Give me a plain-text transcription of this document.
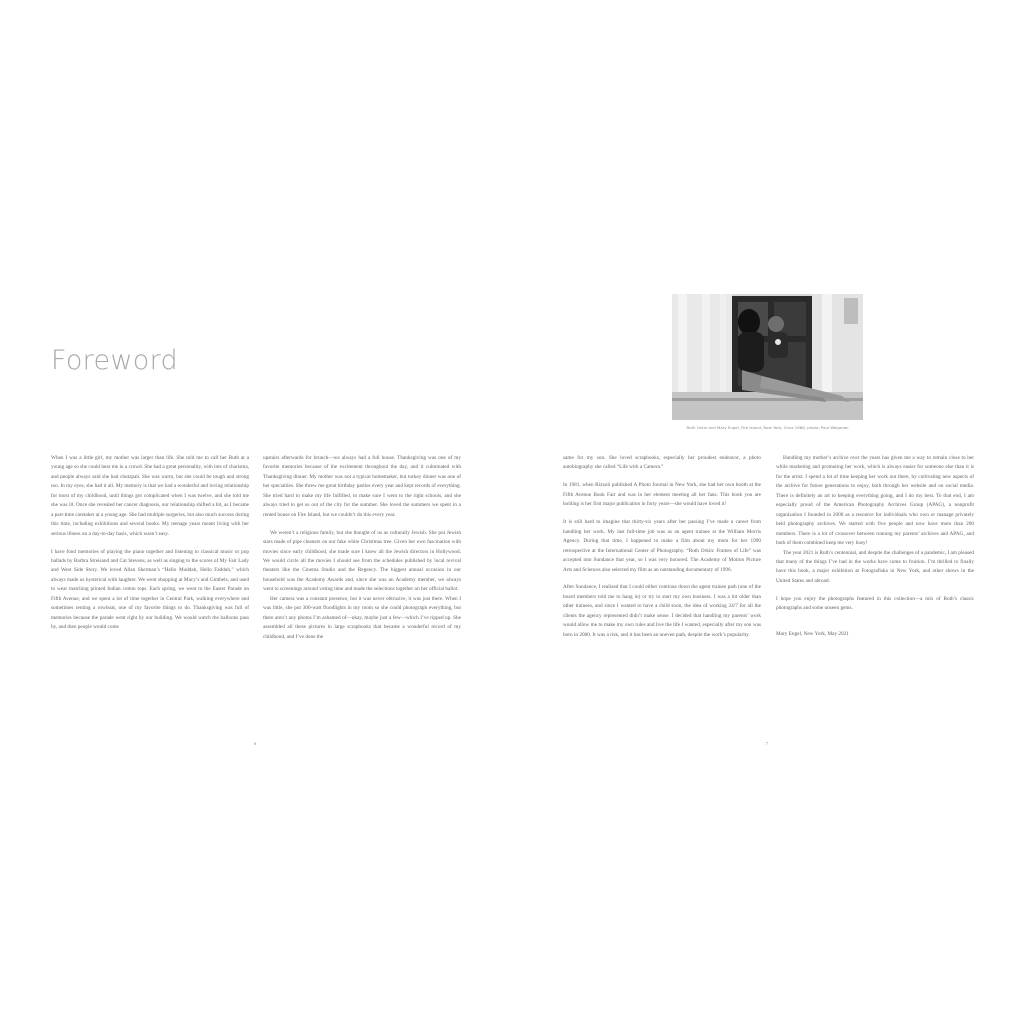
Foreword
Ruth Orkin and Mary Engel, Fire Island, New York, Circa 1968, photo: Paul Weigman

When I was a little girl, my mother was larger than life. She told me to call her Ruth at a young age so she could hear me in a crowd. She had a great personality, with lots of charisma, and people always said she had chutzpah. She was warm, but she could be tough and strong too. In my eyes, she had it all. My memory is that we had a wonderful and loving relationship for most of my childhood, until things got complicated when I was twelve, and she told me she was ill. Once she revealed her cancer diagnosis, our relationship shifted a bit, as I became a part-time caretaker at a young age. She had multiple surgeries, but also much success during this time, including exhibitions and several books. My teenage years meant living with her serious illness on a day-to-day basis, which wasn’t easy.

I have fond memories of playing the piano together and listening to classical music or pop ballads by Barbra Streisand and Cat Stevens, as well as singing to the scores of My Fair Lady and West Side Story. We loved Allan Sherman’s “Hello Muddah, Hello Fadduh,” which always made us hysterical with laughter. We went shopping at Macy’s and Gimbels, and used to wear matching printed Indian cotton tops. Each spring, we went to the Easter Parade on Fifth Avenue, and we spent a lot of time together in Central Park, walking everywhere and sometimes renting a rowboat, one of my favorite things to do. Thanksgiving was full of memories because the parade went right by our building. We would watch the balloons pass by, and then people would come

upstairs afterwards for brunch—we always had a full house. Thanksgiving was one of my favorite memories because of the excitement throughout the day, and it culminated with Thanksgiving dinner. My mother was not a typical homemaker, but turkey dinner was one of her specialties. She threw me great birthday parties every year and kept records of everything. She tried hard to make my life fulfilled, to make sure I went to the right schools, and she always tried to get us out of the city for the summer. She loved the summers we spent in a rented house on Fire Island, but we couldn’t do this every year.

We weren’t a religious family, but she thought of us as culturally Jewish. She put Jewish stars made of pipe cleaners on our fake white Christmas tree. Given her own fascination with movies since early childhood, she made sure I knew all the Jewish directors in Hollywood. We would circle all the movies I should see from the schedules published by local revival theaters like the Cinema Studio and the Regency. The biggest annual occasion in our household was the Academy Awards and, since she was an Academy member, we always went to screenings around voting time and made the selections together on her official ballot.

Her camera was a constant presence, but it was never obtrusive, it was just there. When I was little, she put 300-watt floodlights in my room so she could photograph everything, but there aren’t any photos I’m ashamed of—okay, maybe just a few—which I’ve ripped up. She assembled all these pictures in large scrapbooks that became a wonderful record of my childhood, and I’ve done the

same for my son. She loved scrapbooks, especially her proudest endeavor, a photo autobiography she called “Life with a Camera.”

In 1981, when Rizzoli published A Photo Journal in New York, she had her own booth at the Fifth Avenue Book Fair and was in her element meeting all her fans. This book you are holding is her first major publication in forty years—she would have loved it!

It is still hard to imagine that thirty-six years after her passing I’ve made a career from handling her work. My last full-time job was as an agent trainee at the William Morris Agency. During that time, I happened to make a film about my mom for her 1990 retrospective at the International Center of Photography. “Ruth Orkin: Frames of Life” was accepted into Sundance that year, so I was very honored. The Academy of Motion Picture Arts and Sciences also selected my film as an outstanding documentary of 1996.

After Sundance, I realized that I could either continue down the agent trainee path (one of the board members told me to hang in) or try to start my own business. I was a bit older than other trainees, and since I wanted to have a child soon, the idea of working 24/7 for all the clients the agency represented didn’t make sense. I decided that handling my parents’ work would allow me to make my own rules and live the life I wanted, especially after my son was born in 2000. It was a risk, and it has been an uneven path, despite the work’s popularity.

Handling my mother’s archive over the years has given me a way to remain close to her while marketing and promoting her work, which is always easier for someone else than it is for the artist. I spend a lot of time keeping her work out there, by cultivating new aspects of the archive for future generations to enjoy, both through her website and on social media. There is definitely an art to keeping everything going, and I do my best. To that end, I am especially proud of the American Photography Archives Group (APAG), a nonprofit organization I founded in 2000 as a resource for individuals who own or manage privately held photography archives. We started with five people and now have more than 200 members. There is a lot of crossover between running my parents’ archives and APAG, and both of them combined keep me very busy!

The year 2021 is Ruth’s centennial, and despite the challenges of a pandemic, I am pleased that many of the things I’ve had in the works have come to fruition. I’m thrilled to finally have this book, a major exhibition at Fotografiska in New York, and other shows in the United States and abroad.

I hope you enjoy the photographs featured in this collection—a mix of Ruth’s classic photographs and some unseen gems.

Mary Engel, New York, May 2021

6	7
